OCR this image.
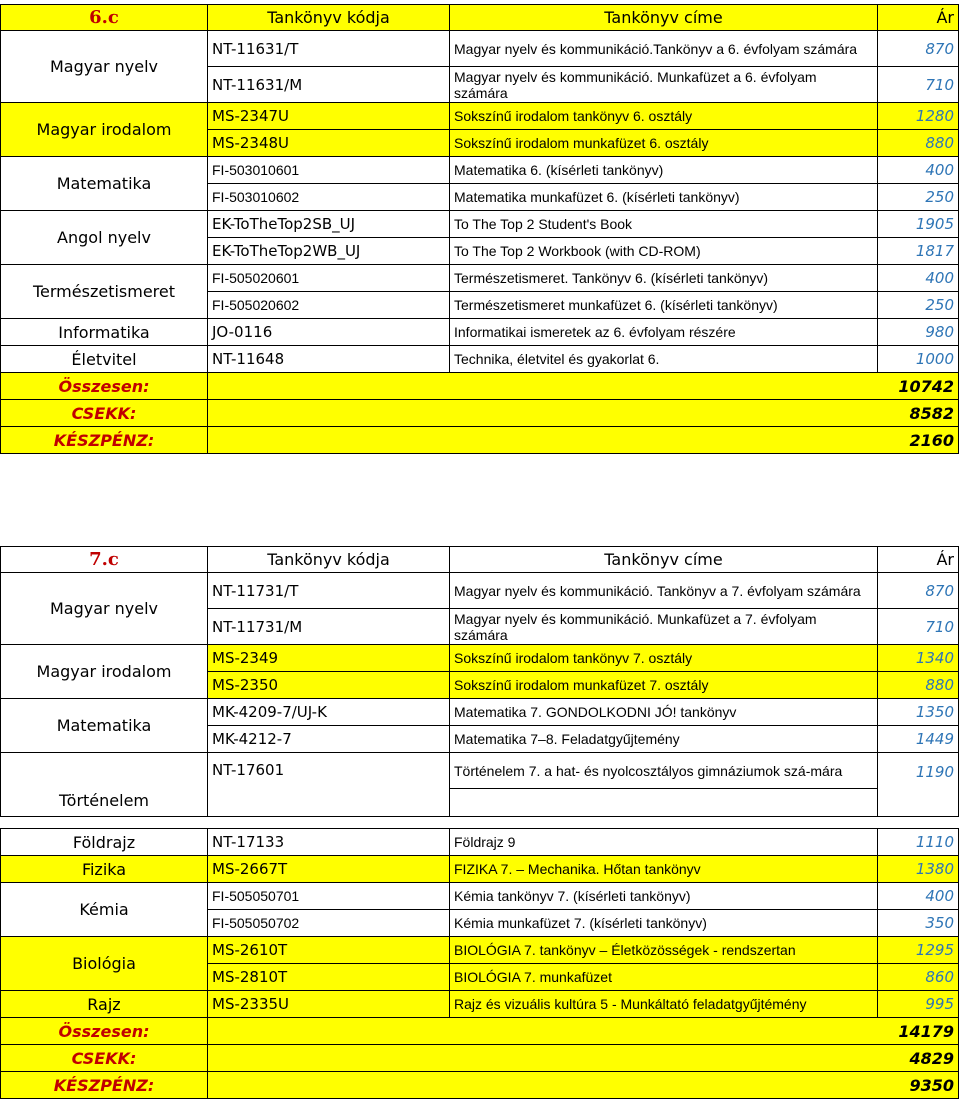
6.c	Tankönyv kódja	Tankönyv címe	Ár
Magyar nyelv	NT-11631/T	Magyar nyelv és kommunikáció.Tankönyv a 6. évfolyam számára	870
	NT-11631/M	Magyar nyelv és kommunikáció. Munkafüzet a 6. évfolyam számára	710
Magyar irodalom	MS-2347U	Sokszínű irodalom tankönyv 6. osztály	1280
	MS-2348U	Sokszínű irodalom munkafüzet 6. osztály	880
Matematika	FI-503010601	Matematika 6. (kísérleti tankönyv)	400
	FI-503010602	Matematika munkafüzet 6. (kísérleti tankönyv)	250
Angol nyelv	EK-ToTheTop2SB_UJ	To The Top 2 Student's Book	1905
	EK-ToTheTop2WB_UJ	To The Top 2 Workbook (with CD-ROM)	1817
Természetismeret	FI-505020601	Természetismeret. Tankönyv 6. (kísérleti tankönyv)	400
	FI-505020602	Természetismeret munkafüzet 6. (kísérleti tankönyv)	250
Informatika	JO-0116	Informatikai ismeretek az 6. évfolyam részére	980
Életvitel	NT-11648	Technika, életvitel és gyakorlat 6.	1000
Összesen:	10742		
CSEKK:	8582		
KÉSZPÉNZ:	2160		
7.c	Tankönyv kódja	Tankönyv címe	Ár
Magyar nyelv	NT-11731/T	Magyar nyelv és kommunikáció. Tankönyv a 7. évfolyam számára	870
	NT-11731/M	Magyar nyelv és kommunikáció. Munkafüzet a 7. évfolyam számára	710
Magyar irodalom	MS-2349	Sokszínű irodalom tankönyv 7. osztály	1340
	MS-2350	Sokszínű irodalom munkafüzet 7. osztály	880
Matematika	MK-4209-7/UJ-K	Matematika 7. GONDOLKODNI JÓ! tankönyv	1350
	MK-4212-7	Matematika 7–8. Feladatgyűjtemény	1449
Történelem	NT-17601	Történelem 7. a hat- és nyolcosztályos gimnáziumok szá-mára	1190

Földrajz	NT-17133	Földrajz 9	1110
Fizika	MS-2667T	FIZIKA 7. – Mechanika. Hőtan tankönyv	1380
Kémia	FI-505050701	Kémia tankönyv 7. (kísérleti tankönyv)	400
	FI-505050702	Kémia munkafüzet 7. (kísérleti tankönyv)	350
Biológia	MS-2610T	BIOLÓGIA 7. tankönyv – Életközösségek - rendszertan	1295
	MS-2810T	BIOLÓGIA 7. munkafüzet	860
Rajz	MS-2335U	Rajz és vizuális kultúra 5 - Munkáltató feladatgyűjtémény	995
Összesen:	14179		
CSEKK:	4829		
KÉSZPÉNZ:	9350		
